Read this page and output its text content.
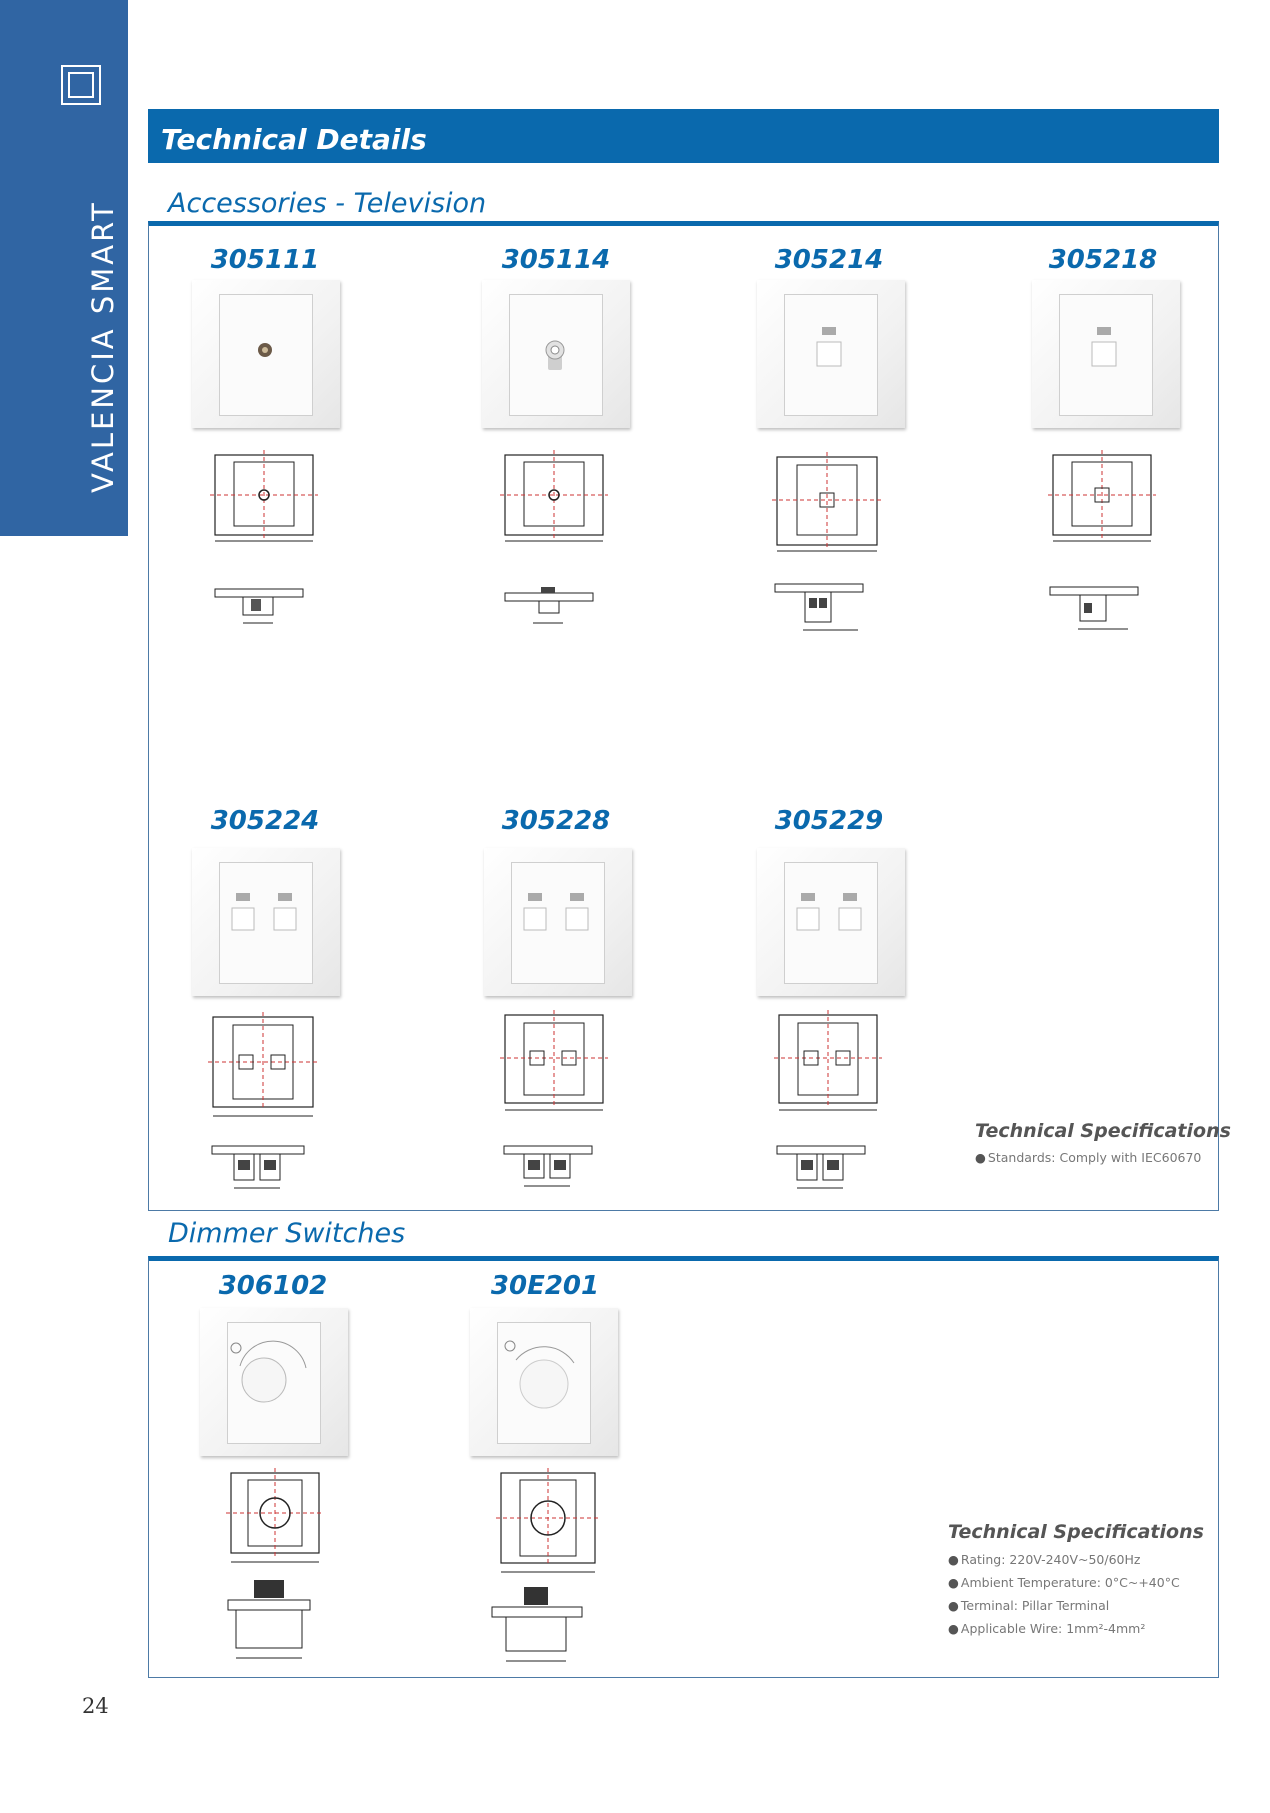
VALENCIA SMART
Technical Details
Accessories - Television
305111	305114	305214	305218
305224	305228	305229
Technical Specifications
● Standards: Comply with IEC60670
Dimmer Switches
306102	30E201
Technical Specifications
● Rating: 220V-240V~50/60Hz
● Ambient Temperature: 0°C~+40°C
● Terminal: Pillar Terminal
● Applicable Wire: 1mm²-4mm²
24
